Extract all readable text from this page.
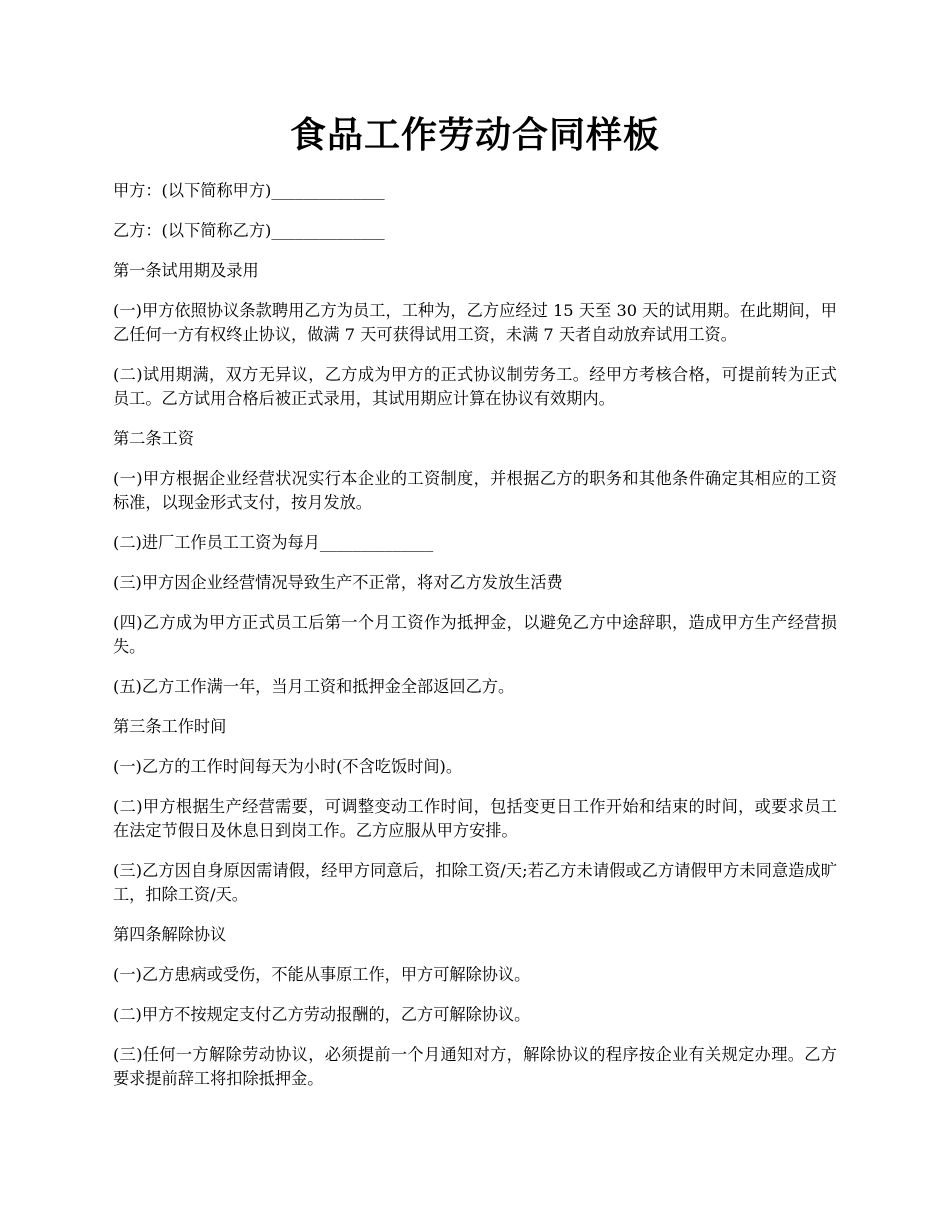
食品工作劳动合同样板

甲方：(以下简称甲方)______________

乙方：(以下简称乙方)______________

第一条试用期及录用

(一)甲方依照协议条款聘用乙方为员工，工种为，乙方应经过 15 天至 30 天的试用期。在此期间，甲乙任何一方有权终止协议，做满 7 天可获得试用工资，未满 7 天者自动放弃试用工资。

(二)试用期满，双方无异议，乙方成为甲方的正式协议制劳务工。经甲方考核合格，可提前转为正式员工。乙方试用合格后被正式录用，其试用期应计算在协议有效期内。

第二条工资

(一)甲方根据企业经营状况实行本企业的工资制度，并根据乙方的职务和其他条件确定其相应的工资标准，以现金形式支付，按月发放。

(二)进厂工作员工工资为每月______________

(三)甲方因企业经营情况导致生产不正常，将对乙方发放生活费

(四)乙方成为甲方正式员工后第一个月工资作为抵押金，以避免乙方中途辞职，造成甲方生产经营损失。

(五)乙方工作满一年，当月工资和抵押金全部返回乙方。

第三条工作时间

(一)乙方的工作时间每天为小时(不含吃饭时间)。

(二)甲方根据生产经营需要，可调整变动工作时间，包括变更日工作开始和结束的时间，或要求员工在法定节假日及休息日到岗工作。乙方应服从甲方安排。

(三)乙方因自身原因需请假，经甲方同意后，扣除工资/天;若乙方未请假或乙方请假甲方未同意造成旷工，扣除工资/天。

第四条解除协议

(一)乙方患病或受伤，不能从事原工作，甲方可解除协议。

(二)甲方不按规定支付乙方劳动报酬的，乙方可解除协议。

(三)任何一方解除劳动协议，必须提前一个月通知对方，解除协议的程序按企业有关规定办理。乙方要求提前辞工将扣除抵押金。
